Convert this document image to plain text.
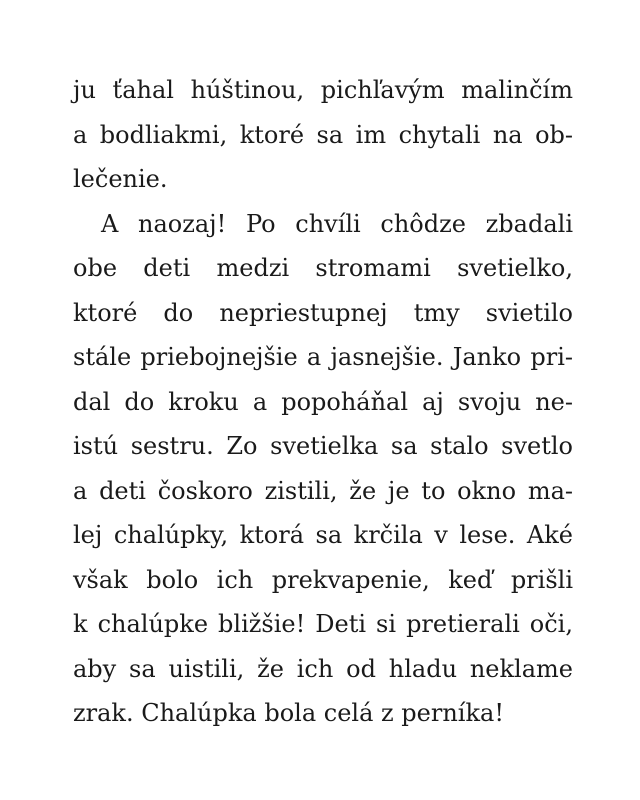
ju ťahal húštinou, pichľavým malinčím
a bodliakmi, ktoré sa im chytali na ob-
lečenie.
A naozaj! Po chvíli chôdze zbadali
obe deti medzi stromami svetielko,
ktoré do nepriestupnej tmy svietilo
stále priebojnejšie a jasnejšie. Janko pri-
dal do kroku a popoháňal aj svoju ne-
istú sestru. Zo svetielka sa stalo svetlo
a deti čoskoro zistili, že je to okno ma-
lej chalúpky, ktorá sa krčila v lese. Aké
však bolo ich prekvapenie, keď prišli
k chalúpke bližšie! Deti si pretierali oči,
aby sa uistili, že ich od hladu neklame
zrak. Chalúpka bola celá z perníka!
